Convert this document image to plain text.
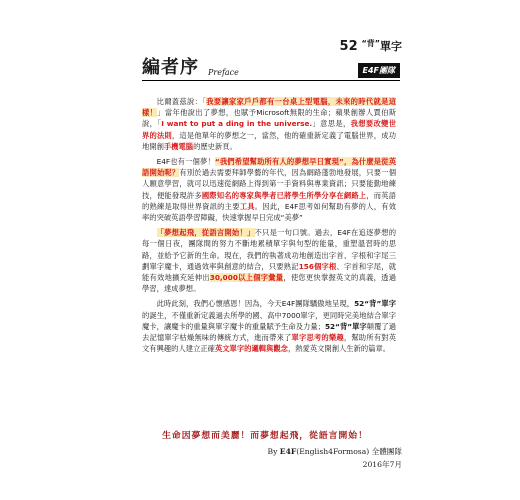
52 $^{“背”}$單字
編者序 Preface	E4F團隊

比爾蓋茲說：「我要讓家家戶戶都有一台桌上型電腦，未來的時代就是這樣！」當年他說出了夢想，也賦予Microsoft無限的生命；蘋果創辦人賈伯斯說，「I want to put a ding in the universe.」意思是，我想要改變世界的法則，這是他單年的夢想之一，當然，他的確重新定義了電腦世界，成功地開創手機電腦的歷史新頁。

E4F也有一個夢！“我們希望幫助所有人的夢想早日實現”，為什麼是從英語開始呢？有別於過去需要拜師學藝的年代，因為網路蓬勃地發展，只要一個人願意學習，就可以迅速從網路上得到第一手資料與專業資訊；只要能勤地練技，便能發現許多國際知名的專家與學者已將學生所學分享在網路上，而英語的熟練是取得世界資訊的主要工具。因此，E4F思考如何幫助有夢的人，有效率的突破英語學習障礙，快速掌握早日完成“美夢”

「夢想起飛，從語言開始！」不只是一句口號。過去，E4F在追逐夢想的每一個日夜，團隊間的努力不斷地累積單字與句型的能量，重塑溫習時的思路，並給予它新的生命。現在，我們的執著成功地創造出字首、字根和字尾三劃單字魔卡，通過效率與創意的結合，只要熟記156個字根、字首和字尾，就能有效地擴充延伸出30,000以上個字彙量，使您更快掌握英文的真義，透過學習，達成夢想。

此時此刻，我們心懷感恩！因為，今天E4F團隊驕傲地呈現，52“背”單字的誕生，不僅重新定義過去所學的國、高中7000單字，更同時完美地結合單字魔卡，讓魔卡的重量與單字魔卡的重量賦予生命及力量；52“背”單字顛覆了過去記憶單字枯燥無味的傳統方式，進而帶來了單字思考的樂趣，幫助所有對英文有興趣的人建立正確英文單字的邏輯與觀念，熱愛英文開創人生新的篇章。

生命因夢想而美麗！而夢想起飛，從語言開始！
By E4F(English4Formosa) 全體團隊
2016年7月
